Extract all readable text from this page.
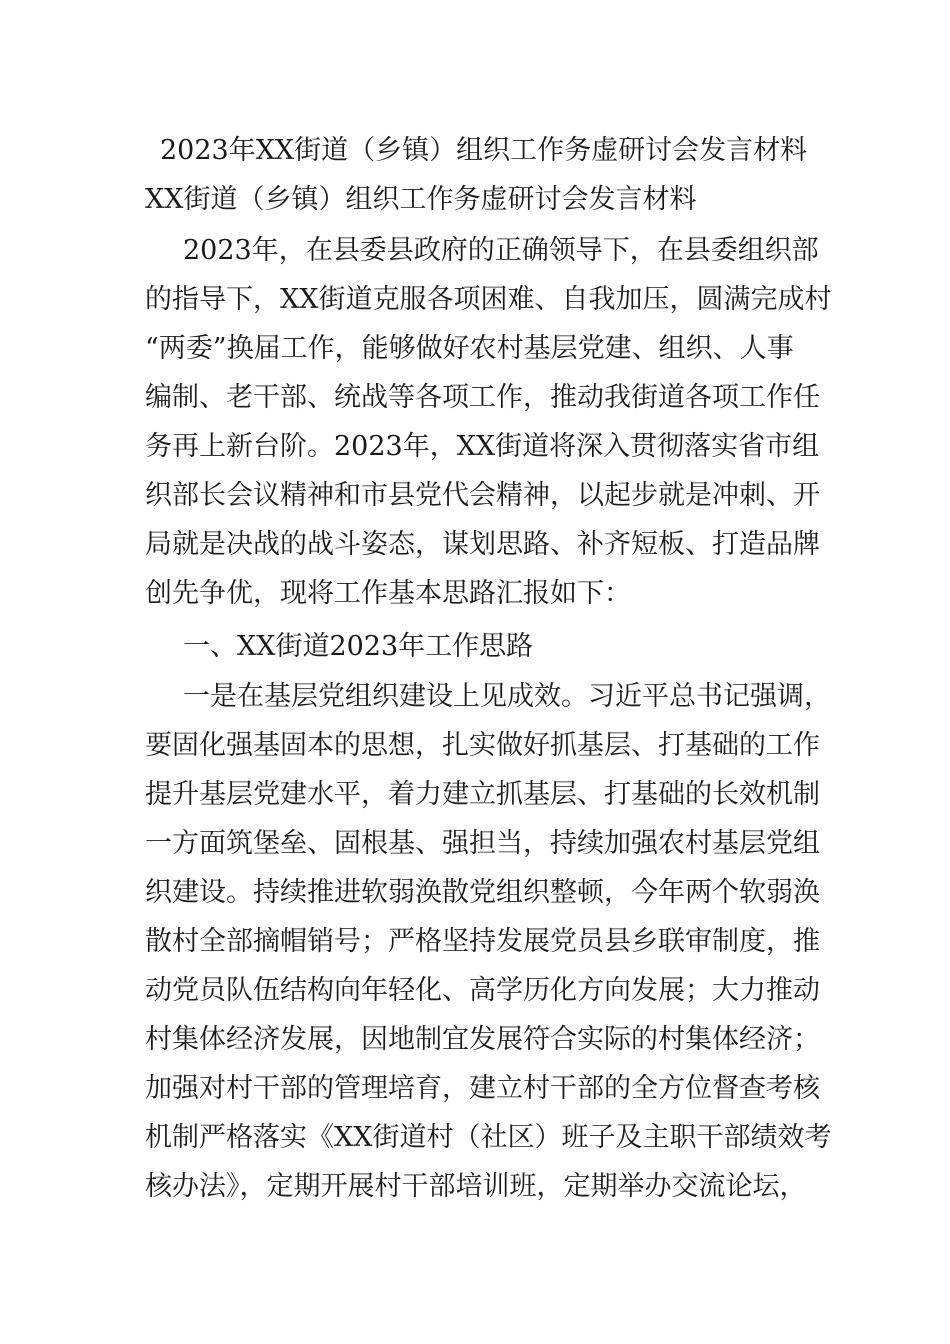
2023年XX街道（乡镇）组织工作务虚研讨会发言材料
XX街道（乡镇）组织工作务虚研讨会发言材料
2023年，在县委县政府的正确领导下，在县委组织部
的指导下，XX街道克服各项困难、自我加压，圆满完成村
“两委”换届工作，能够做好农村基层党建、组织、人事
编制、老干部、统战等各项工作，推动我街道各项工作任
务再上新台阶。2023年，XX街道将深入贯彻落实省市组
织部长会议精神和市县党代会精神，以起步就是冲刺、开
局就是决战的战斗姿态，谋划思路、补齐短板、打造品牌
创先争优，现将工作基本思路汇报如下：
一、XX街道2023年工作思路
一是在基层党组织建设上见成效。习近平总书记强调，
要固化强基固本的思想，扎实做好抓基层、打基础的工作
提升基层党建水平，着力建立抓基层、打基础的长效机制
一方面筑堡垒、固根基、强担当，持续加强农村基层党组
织建设。持续推进软弱涣散党组织整顿，今年两个软弱涣
散村全部摘帽销号；严格坚持发展党员县乡联审制度，推
动党员队伍结构向年轻化、高学历化方向发展；大力推动
村集体经济发展，因地制宜发展符合实际的村集体经济；
加强对村干部的管理培育，建立村干部的全方位督查考核
机制严格落实《XX街道村（社区）班子及主职干部绩效考
核办法》，定期开展村干部培训班，定期举办交流论坛，
